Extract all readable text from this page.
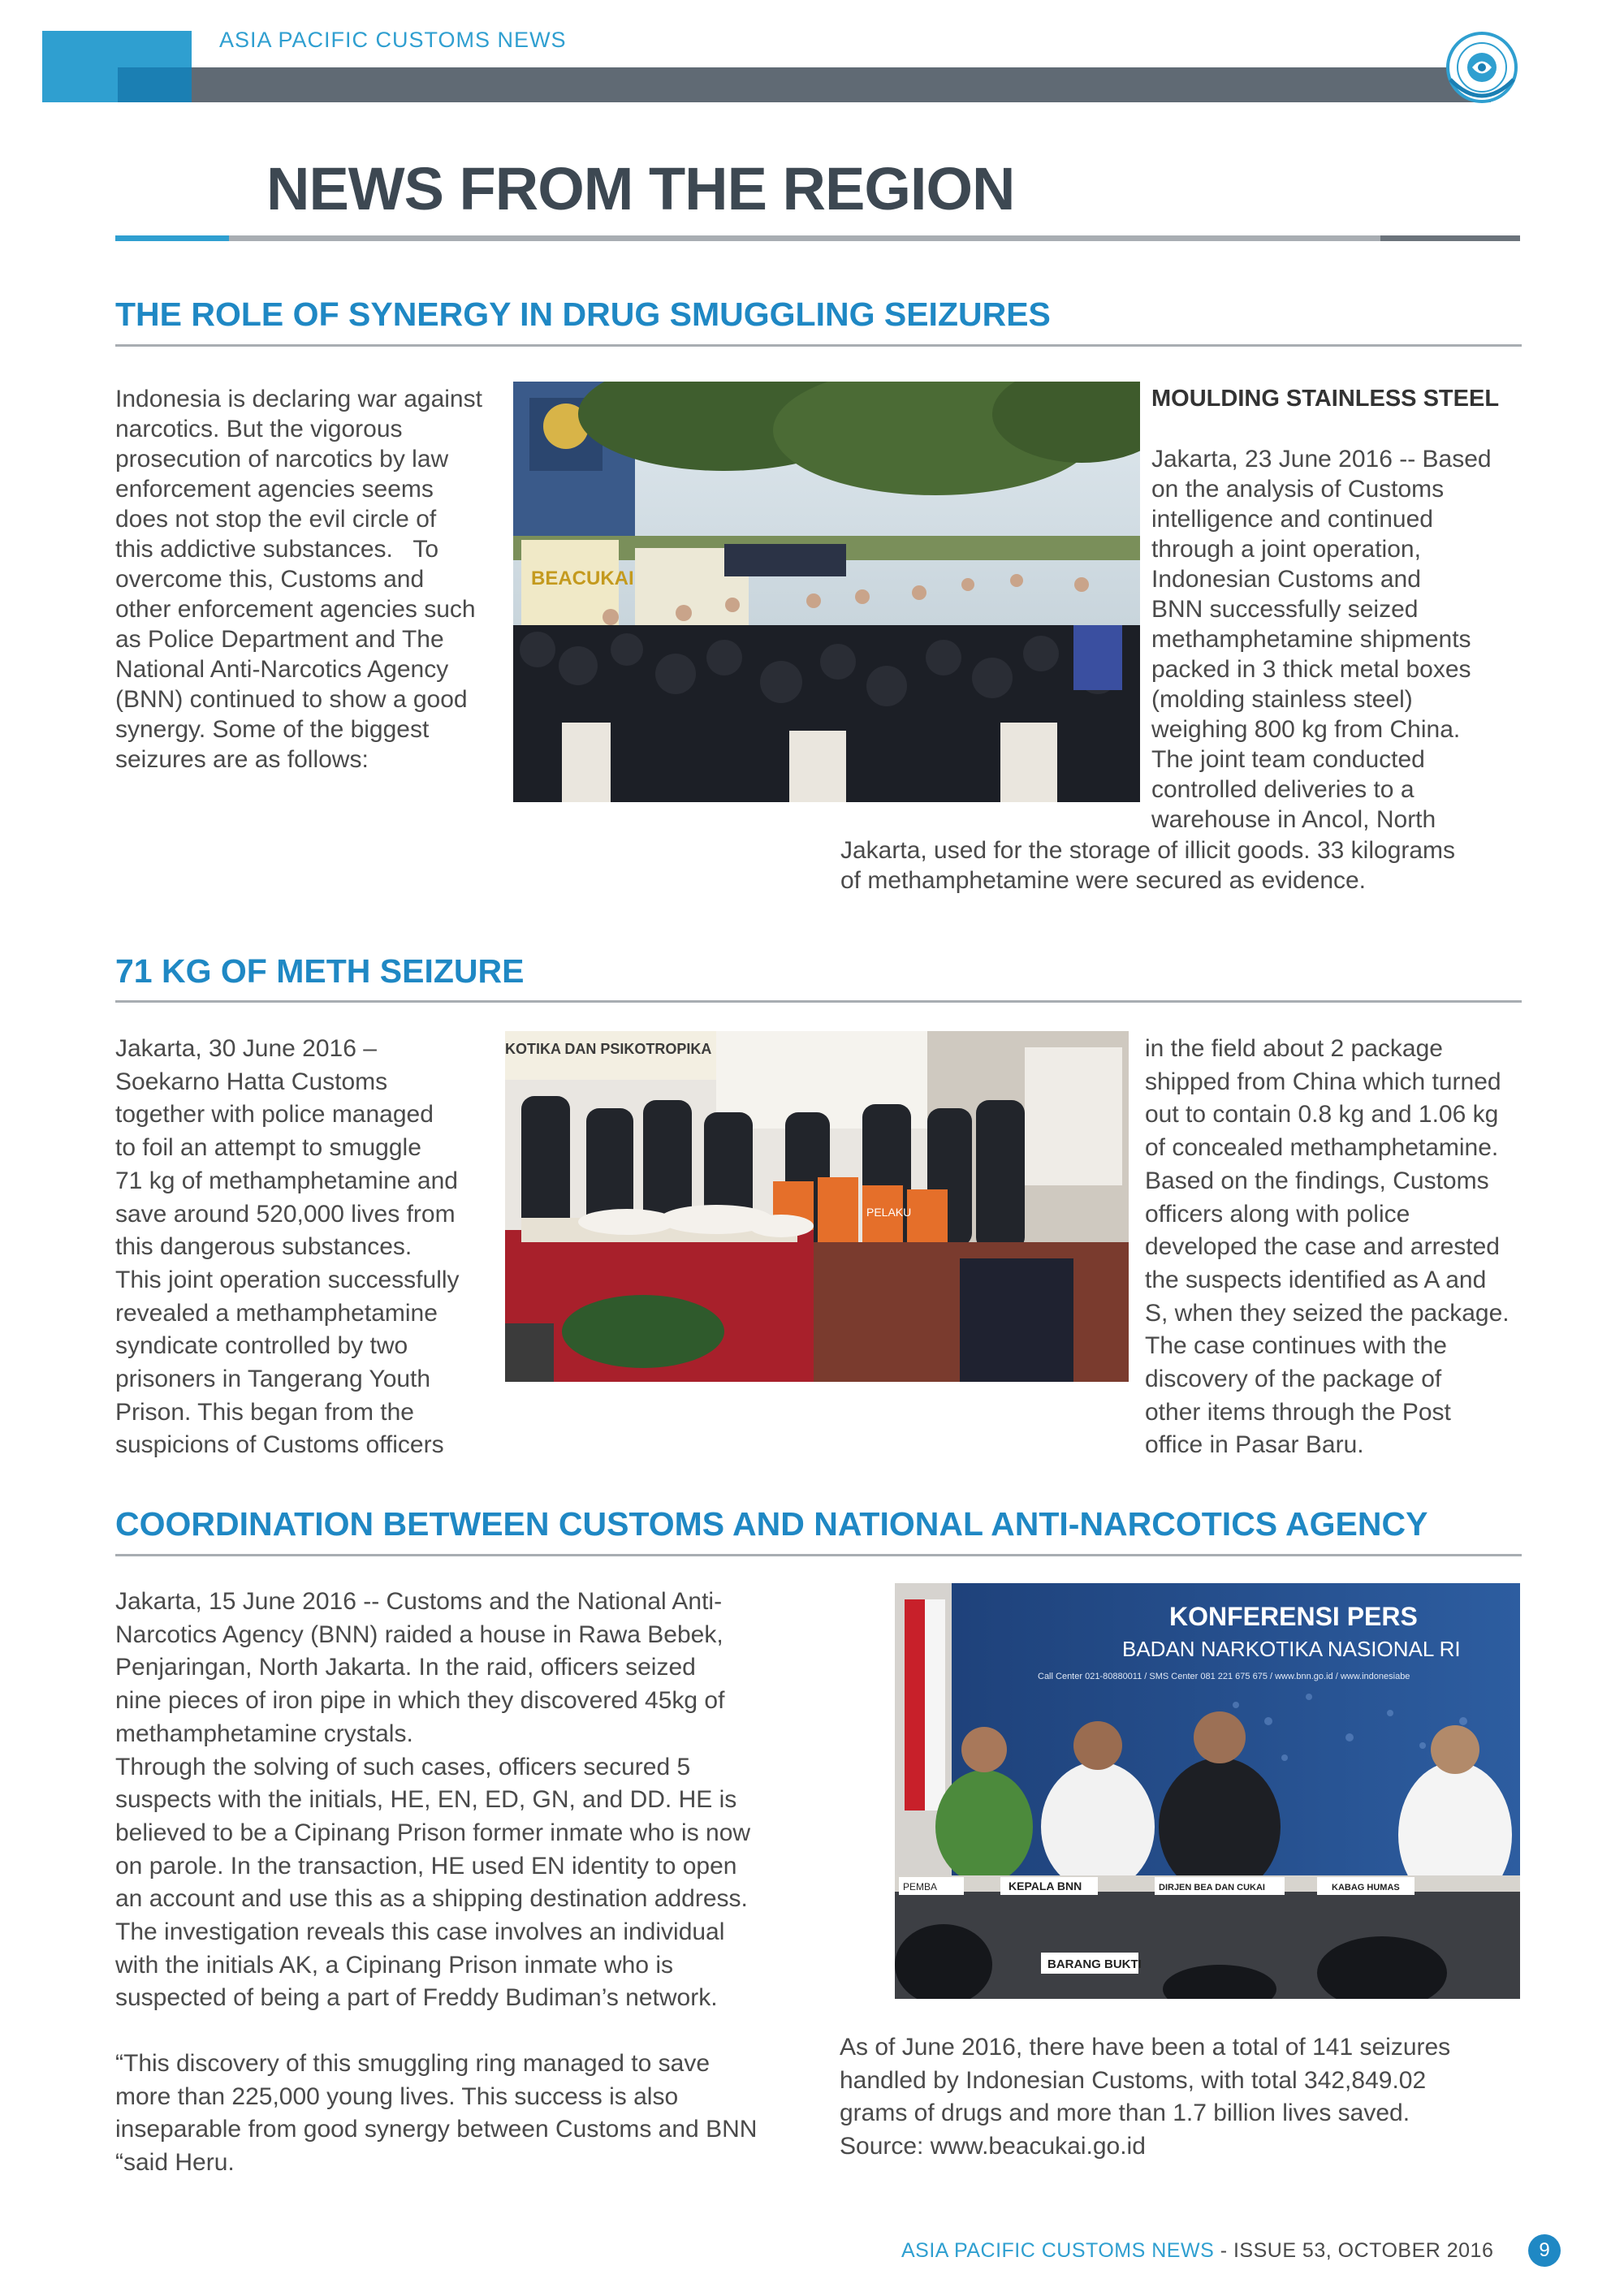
ASIA PACIFIC CUSTOMS NEWS
NEWS FROM THE REGION
THE ROLE OF SYNERGY IN DRUG SMUGGLING SEIZURES

Indonesia is declaring war against

narcotics. But the vigorous

prosecution of narcotics by law

enforcement agencies seems

does not stop the evil circle of

this addictive substances.   To

overcome this, Customs and

other enforcement agencies such

as Police Department and The

National Anti-Narcotics Agency

(BNN) continued to show a good

synergy. Some of the biggest

seizures are as follows:

BEACUKAI
MOULDING STAINLESS STEEL

Jakarta, 23 June 2016 -- Based

on the analysis of Customs

intelligence and continued

through a joint operation,

Indonesian Customs and

BNN successfully seized

methamphetamine shipments

packed in 3 thick metal boxes

(molding stainless steel)

weighing 800 kg from China.

The joint team conducted

controlled deliveries to a

warehouse in Ancol, North

Jakarta, used for the storage of illicit goods. 33 kilograms

of methamphetamine were secured as evidence.

71 KG OF METH SEIZURE

Jakarta, 30 June 2016 –

Soekarno Hatta Customs

together with police managed

to foil an attempt to smuggle

71 kg of methamphetamine and

save around 520,000 lives from

this dangerous substances.

This joint operation successfully

revealed a methamphetamine

syndicate controlled by two

prisoners in Tangerang Youth

Prison. This began from the

suspicions of Customs officers

KOTIKA DAN PSIKOTROPIKA
PELAKU

in the field about 2 package

shipped from China which turned

out to contain 0.8 kg and 1.06 kg

of concealed methamphetamine.

Based on the findings, Customs

officers along with police

developed the case and arrested

the suspects identified as A and

S, when they seized the package.

The case continues with the

discovery of the package of

other items through the Post

office in Pasar Baru.

COORDINATION BETWEEN CUSTOMS AND NATIONAL ANTI-NARCOTICS AGENCY

Jakarta, 15 June 2016 -- Customs and the National Anti-

Narcotics Agency (BNN) raided a house in Rawa Bebek,

Penjaringan, North Jakarta. In the raid, officers seized

nine pieces of iron pipe in which they discovered 45kg of

methamphetamine crystals.

Through the solving of such cases, officers secured 5

suspects with the initials, HE, EN, ED, GN, and DD. HE is

believed to be a Cipinang Prison former inmate who is now

on parole. In the transaction, HE used EN identity to open

an account and use this as a shipping destination address.

The investigation reveals this case involves an individual

with the initials AK, a Cipinang Prison inmate who is

suspected of being a part of Freddy Budiman’s network.

“This discovery of this smuggling ring managed to save

more than 225,000 young lives. This success is also

inseparable from good synergy between Customs and BNN

“said Heru.

KONFERENSI PERS
BADAN NARKOTIKA NASIONAL RI
Call Center 021-80880011 / SMS Center 081 221 675 675 / www.bnn.go.id / www.indonesiabe
PEMBA	KEPALA BNN	DIRJEN BEA DAN CUKAI	KABAG HUMAS
BARANG BUKTI

As of June 2016, there have been a total of 141 seizures

handled by Indonesian Customs, with total 342,849.02

grams of drugs and more than 1.7 billion lives saved.

Source: www.beacukai.go.id

ASIA PACIFIC CUSTOMS NEWS - ISSUE 53, OCTOBER 2016	9
